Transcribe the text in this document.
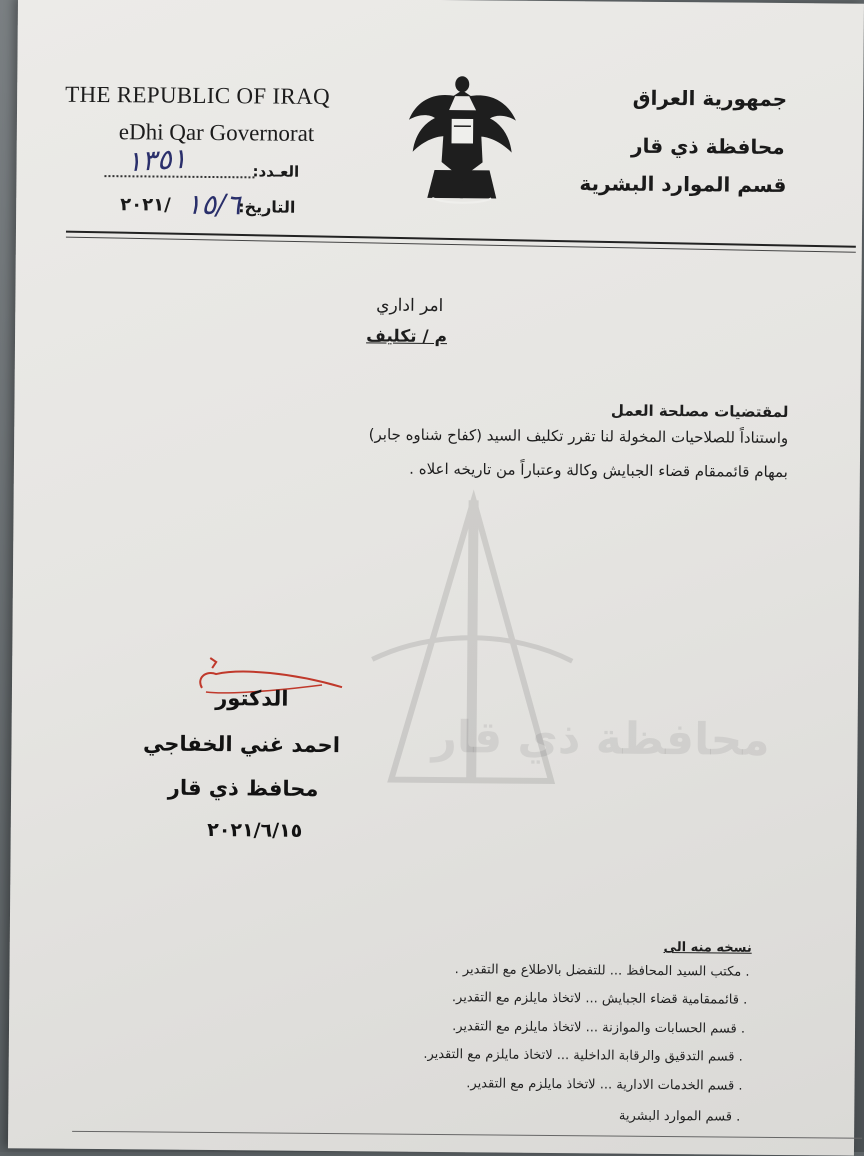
THE REPUBLIC OF IRAQ
eDhi Qar Governorat
١٣٥١	العـدد:
٢٠٢١/ ١٥/٦
التاريخ:
جمهورية العراق
محافظة ذي قار
قسم الموارد البشرية
محافظة ذي قار
امر اداري
م / تكليف
لمقتضيات مصلحة العمل
واستناداً للصلاحيات المخولة لنا تقرر تكليف السيد (كفاح شناوه جابر)
بمهام قائممقام قضاء الجبايش وكالة وعتباراً من تاريخه اعلاه .
الدكتور
احمد غني الخفاجي
محافظ ذي قار
٢٠٢١/٦/١٥
نسخه منه الى
. مكتب السيد المحافظ ... للتفضل بالاطلاع مع التقدير .
. قائممقامية قضاء الجبايش ... لاتخاذ مايلزم مع التقدير.
. قسم الحسابات والموازنة ... لاتخاذ مايلزم مع التقدير.
. قسم التدقيق والرقابة الداخلية ... لاتخاذ مايلزم مع التقدير.
. قسم الخدمات الادارية ... لاتخاذ مايلزم مع التقدير.
. قسم الموارد البشرية
